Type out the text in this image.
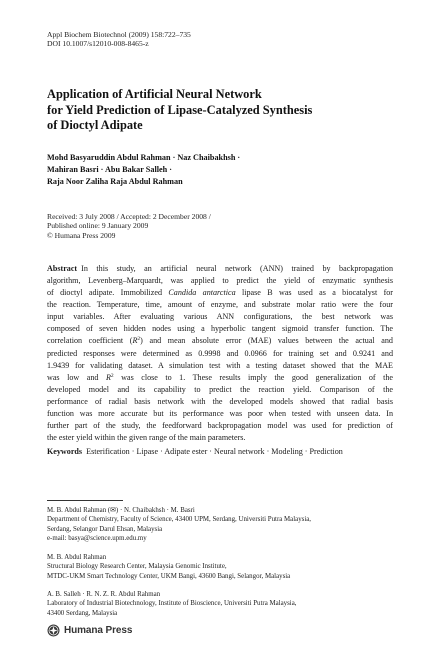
Appl Biochem Biotechnol (2009) 158:722–735
DOI 10.1007/s12010-008-8465-z
Application of Artificial Neural Network
for Yield Prediction of Lipase-Catalyzed Synthesis
of Dioctyl Adipate
Mohd Basyaruddin Abdul Rahman · Naz Chaibakhsh ·
Mahiran Basri · Abu Bakar Salleh ·
Raja Noor Zaliha Raja Abdul Rahman
Received: 3 July 2008 / Accepted: 2 December 2008 /
Published online: 9 January 2009
© Humana Press 2009
Abstract  In this study, an artificial neural network (ANN) trained by backpropagation
algorithm, Levenberg–Marquardt, was applied to predict the yield of enzymatic synthesis
of dioctyl adipate. Immobilized Candida antarctica lipase B was used as a biocatalyst for
the reaction. Temperature, time, amount of enzyme, and substrate molar ratio were the four
input variables. After evaluating various ANN configurations, the best network was
composed of seven hidden nodes using a hyperbolic tangent sigmoid transfer function. The
correlation coefficient $(R^2)$ and mean absolute error (MAE) values between the actual and
predicted responses were determined as 0.9998 and 0.0966 for training set and 0.9241 and
1.9439 for validating dataset. A simulation test with a testing dataset showed that the MAE
was low and $R^2$ was close to 1. These results imply the good generalization of the
developed model and its capability to predict the reaction yield. Comparison of the
performance of radial basis network with the developed models showed that radial basis
function was more accurate but its performance was poor when tested with unseen data. In
further part of the study, the feedforward backpropagation model was used for prediction of
the ester yield within the given range of the main parameters.
Keywords  Esterification · Lipase · Adipate ester · Neural network · Modeling · Prediction
M. B. Abdul Rahman (✉) · N. Chaibakhsh · M. Basri
Department of Chemistry, Faculty of Science, 43400 UPM, Serdang, Universiti Putra Malaysia,
Serdang, Selangor Darul Ehsan, Malaysia
e-mail: basya@science.upm.edu.my
M. B. Abdul Rahman
Structural Biology Research Center, Malaysia Genomic Institute,
MTDC-UKM Smart Technology Center, UKM Bangi, 43600 Bangi, Selangor, Malaysia
A. B. Salleh · R. N. Z. R. Abdul Rahman
Laboratory of Industrial Biotechnology, Institute of Bioscience, Universiti Putra Malaysia,
43400 Serdang, Malaysia
Humana Press
